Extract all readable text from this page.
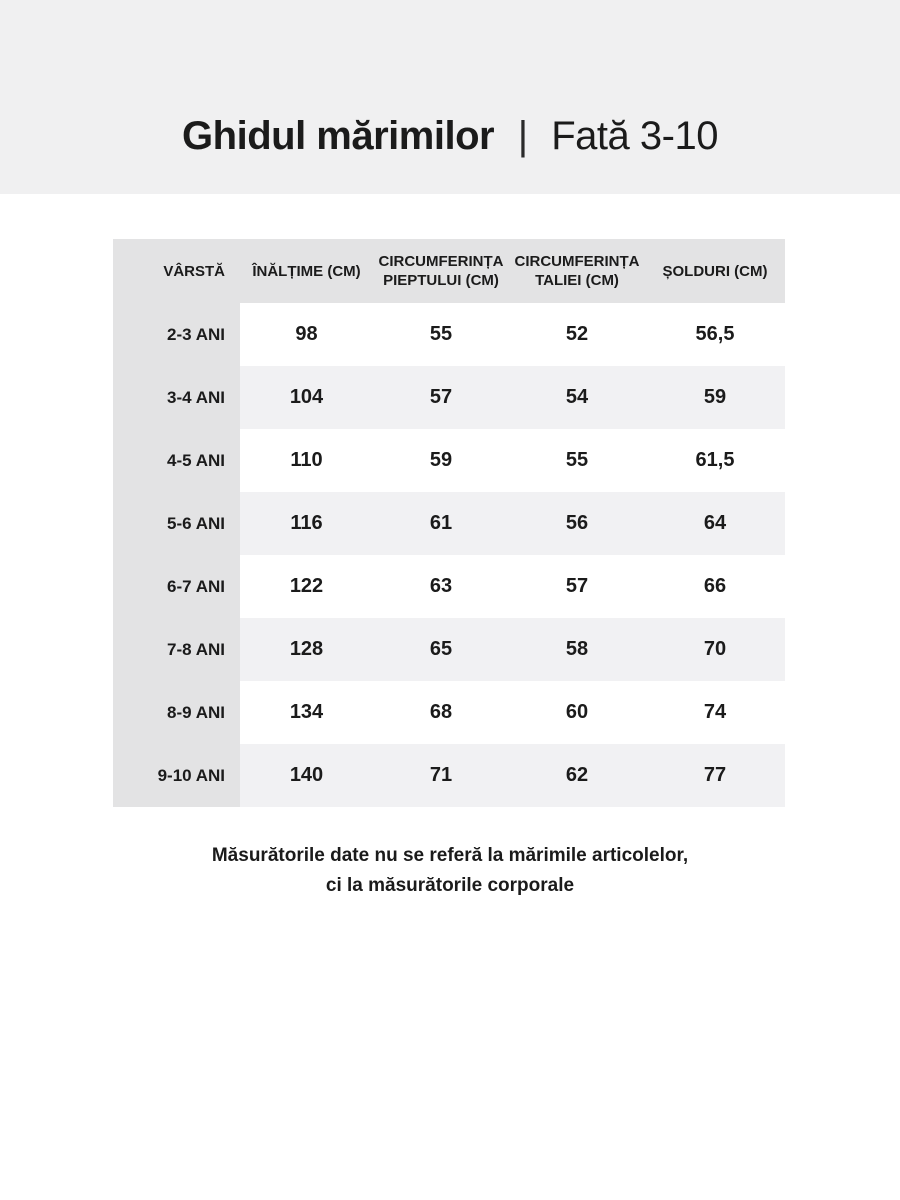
Ghidul mărimilor | Fată 3-10
VÂRSTĂ	ÎNĂLȚIME (CM)	CIRCUMFERINȚA PIEPTULUI (CM)	CIRCUMFERINȚA TALIEI (CM)	ȘOLDURI (CM)
2-3 ANI	98	55	52	56,5
3-4 ANI	104	57	54	59
4-5 ANI	110	59	55	61,5
5-6 ANI	116	61	56	64
6-7 ANI	122	63	57	66
7-8 ANI	128	65	58	70
8-9 ANI	134	68	60	74
9-10 ANI	140	71	62	77
Măsurătorile date nu se referă la mărimile articolelor,
ci la măsurătorile corporale
